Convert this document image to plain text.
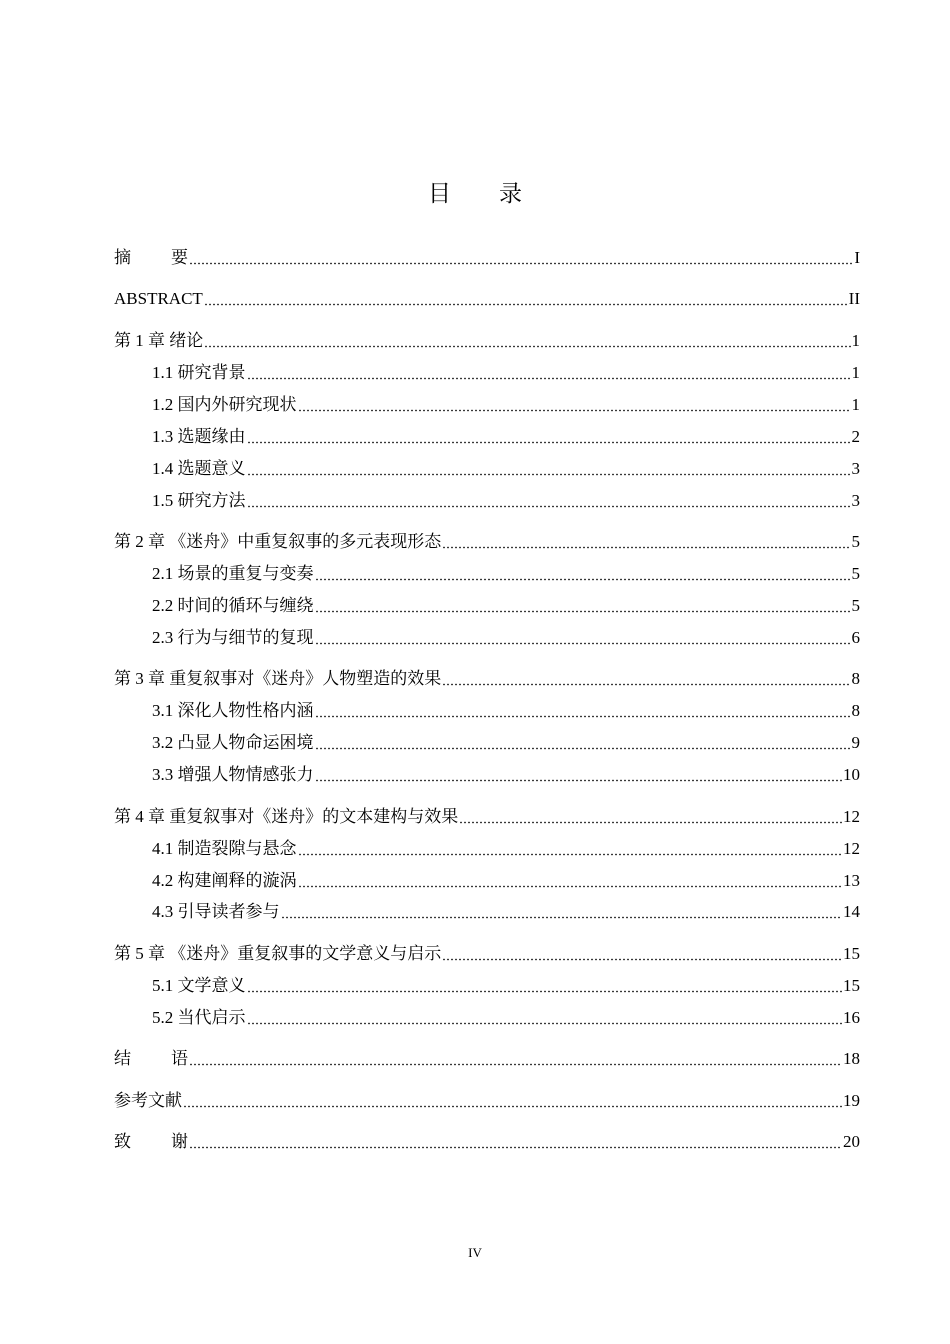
目 录
摘 要	I
ABSTRACT	II
第 1 章 绪论	1
1.1 研究背景	1
1.2 国内外研究现状	1
1.3 选题缘由	2
1.4 选题意义	3
1.5 研究方法	3
第 2 章 《迷舟》中重复叙事的多元表现形态	5
2.1 场景的重复与变奏	5
2.2 时间的循环与缠绕	5
2.3 行为与细节的复现	6
第 3 章 重复叙事对《迷舟》人物塑造的效果	8
3.1 深化人物性格内涵	8
3.2 凸显人物命运困境	9
3.3 增强人物情感张力	10
第 4 章 重复叙事对《迷舟》的文本建构与效果	12
4.1 制造裂隙与悬念	12
4.2 构建阐释的漩涡	13
4.3 引导读者参与	14
第 5 章 《迷舟》重复叙事的文学意义与启示	15
5.1 文学意义	15
5.2 当代启示	16
结 语	18
参考文献	19
致 谢	20
IV
